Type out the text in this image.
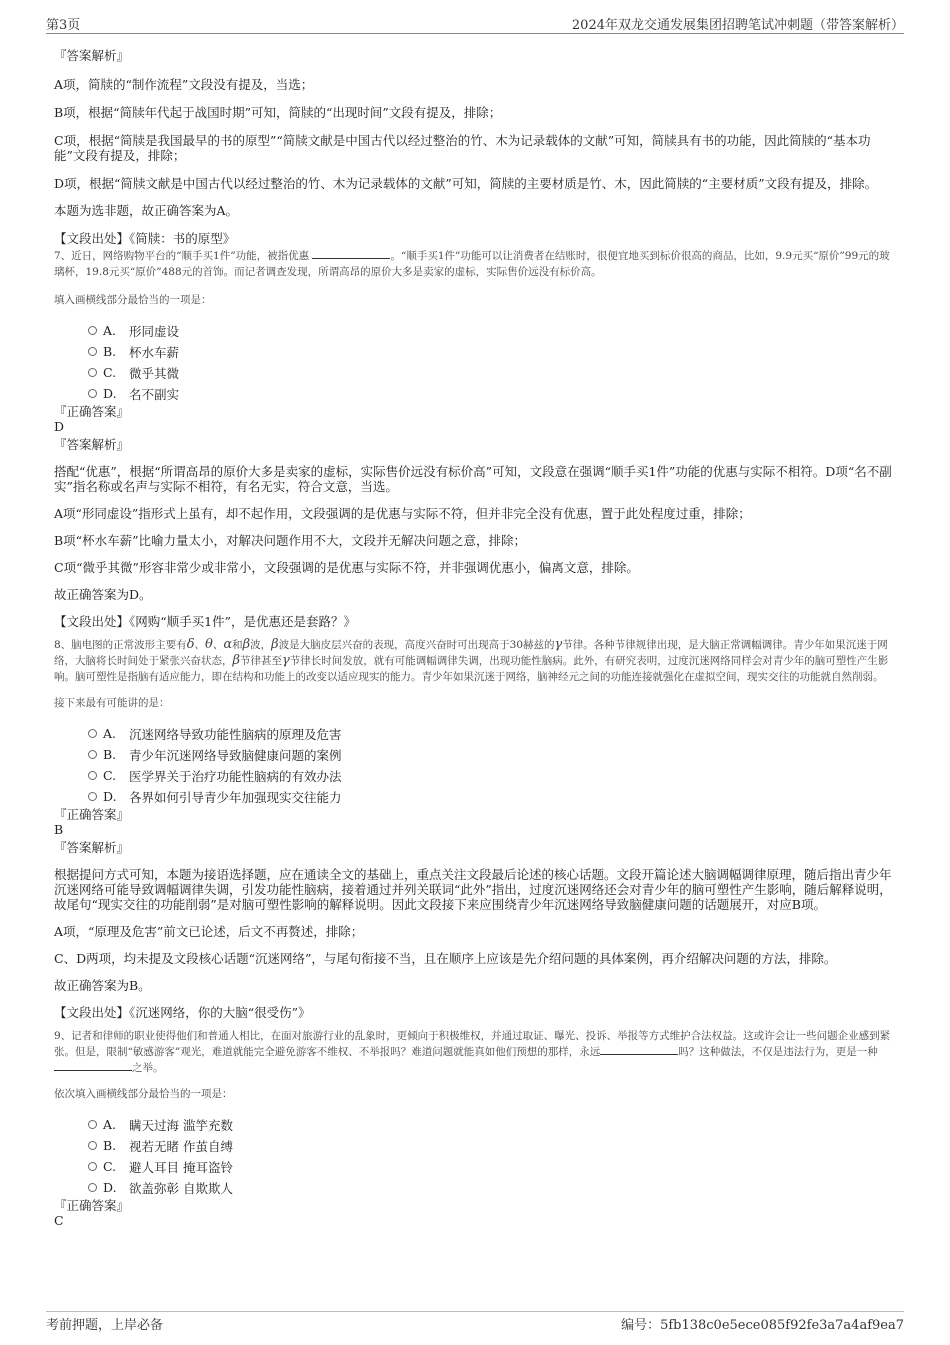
第3页	2024年双龙交通发展集团招聘笔试冲刺题（带答案解析）

『答案解析』

A项，简牍的“制作流程”文段没有提及，当选；

B项，根据“简牍年代起于战国时期”可知，简牍的“出现时间”文段有提及，排除；

C项，根据“简牍是我国最早的书的原型”“简牍文献是中国古代以经过整治的竹、木为记录载体的文献”可知，简牍具有书的功能，因此简牍的“基本功能”文段有提及，排除；

D项，根据“简牍文献是中国古代以经过整治的竹、木为记录载体的文献”可知，简牍的主要材质是竹、木，因此简牍的“主要材质”文段有提及，排除。

本题为选非题，故正确答案为A。

【文段出处】《简牍：书的原型》

7、近日，网络购物平台的“顺手买1件”功能，被指优惠	。“顺手买1件”功能可以让消费者在结账时，很便宜地买到标价很高的商品，比如，9.9元买“原价”99元的玻璃杯，19.8元买“原价”488元的首饰。而记者调查发现，所谓高昂的原价大多是卖家的虚标，实际售价远没有标价高。

填入画横线部分最恰当的一项是：

A.	形同虚设
B.	杯水车薪
C.	微乎其微
D. 名不副实

『正确答案』

D

『答案解析』

搭配“优惠”，根据“所谓高昂的原价大多是卖家的虚标，实际售价远没有标价高”可知，文段意在强调“顺手买1件”功能的优惠与实际不相符。D项“名不副实”指名称或名声与实际不相符，有名无实，符合文意，当选。

A项“形同虚设”指形式上虽有，却不起作用，文段强调的是优惠与实际不符，但并非完全没有优惠，置于此处程度过重，排除；

B项“杯水车薪”比喻力量太小，对解决问题作用不大，文段并无解决问题之意，排除；

C项“微乎其微”形容非常少或非常小，文段强调的是优惠与实际不符，并非强调优惠小，偏离文意，排除。

故正确答案为D。

【文段出处】《网购“顺手买1件”，是优惠还是套路？》

8、脑电图的正常波形主要有δ、θ、α和β波，β波是大脑皮层兴奋的表现，高度兴奋时可出现高于30赫兹的γ节律。各种节律规律出现，是大脑正常调幅调律。青少年如果沉迷于网络，大脑将长时间处于紧张兴奋状态，β节律甚至γ节律长时间发放，就有可能调幅调律失调，出现功能性脑病。此外，有研究表明，过度沉迷网络同样会对青少年的脑可塑性产生影响。脑可塑性是指脑有适应能力，即在结构和功能上的改变以适应现实的能力。青少年如果沉迷于网络，脑神经元之间的功能连接就强化在虚拟空间，现实交往的功能就自然削弱。

接下来最有可能讲的是：

A.	沉迷网络导致功能性脑病的原理及危害
B.	青少年沉迷网络导致脑健康问题的案例
C.	医学界关于治疗功能性脑病的有效办法
D. 各界如何引导青少年加强现实交往能力

『正确答案』

B

『答案解析』

根据提问方式可知，本题为接语选择题，应在通读全文的基础上，重点关注文段最后论述的核心话题。文段开篇论述大脑调幅调律原理，随后指出青少年沉迷网络可能导致调幅调律失调，引发功能性脑病，接着通过并列关联词“此外”指出，过度沉迷网络还会对青少年的脑可塑性产生影响，随后解释说明，故尾句“现实交往的功能削弱”是对脑可塑性影响的解释说明。因此文段接下来应围绕青少年沉迷网络导致脑健康问题的话题展开，对应B项。

A项，“原理及危害”前文已论述，后文不再赘述，排除；

C、D两项，均未提及文段核心话题“沉迷网络”，与尾句衔接不当，且在顺序上应该是先介绍问题的具体案例，再介绍解决问题的方法，排除。

故正确答案为B。

【文段出处】《沉迷网络，你的大脑“很受伤”》

9、记者和律师的职业使得他们和普通人相比，在面对旅游行业的乱象时，更倾向于积极维权，并通过取证、曝光、投诉、举报等方式维护合法权益。这或许会让一些问题企业感到紧张。但是，限制“敏感游客”观光，难道就能完全避免游客不维权、不举报吗？难道问题就能真如他们预想的那样，永远	吗？这种做法，不仅是违法行为，更是一种之举。

依次填入画横线部分最恰当的一项是：

A.	瞒天过海 滥竽充数
B.	视若无睹 作茧自缚
C.	避人耳目 掩耳盗铃
D. 欲盖弥彰 自欺欺人

『正确答案』

C

考前押题，上岸必备	编号：5fb138c0e5ece085f92fe3a7a4af9ea7
